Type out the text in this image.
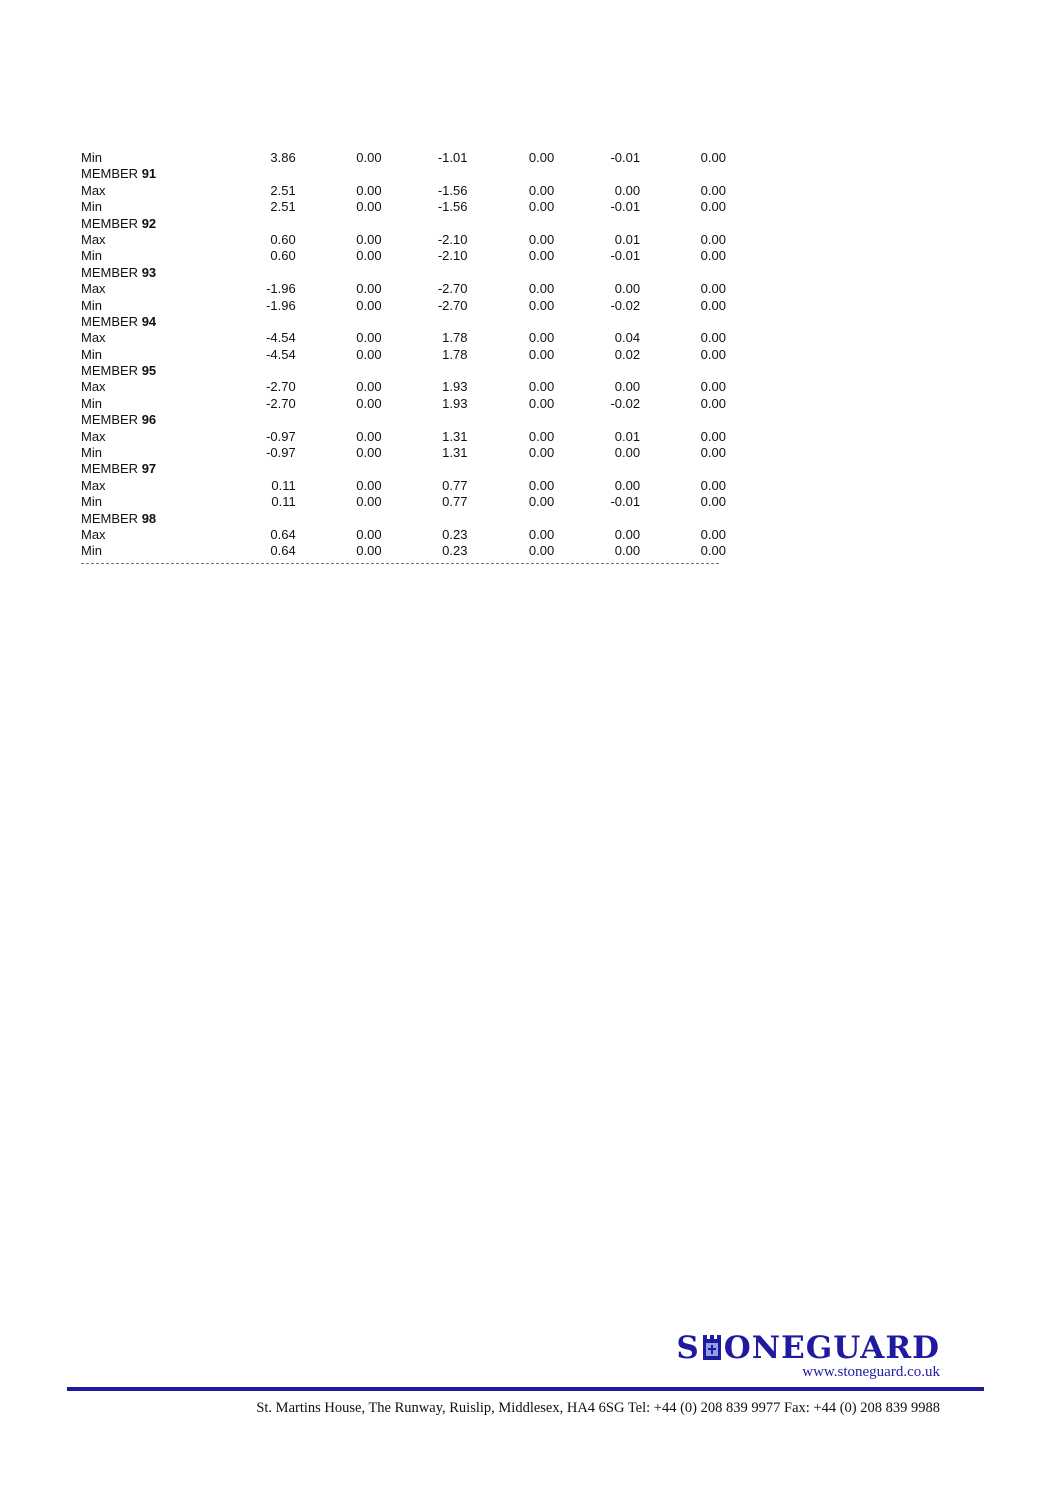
Min	3.86	0.00	-1.01	0.00	-0.01	0.00
MEMBER 91
Max	2.51	0.00	-1.56	0.00	0.00	0.00
Min	2.51	0.00	-1.56	0.00	-0.01	0.00
MEMBER 92
Max	0.60	0.00	-2.10	0.00	0.01	0.00
Min	0.60	0.00	-2.10	0.00	-0.01	0.00
MEMBER 93
Max	-1.96	0.00	-2.70	0.00	0.00	0.00
Min	-1.96	0.00	-2.70	0.00	-0.02	0.00
MEMBER 94
Max	-4.54	0.00	1.78	0.00	0.04	0.00
Min	-4.54	0.00	1.78	0.00	0.02	0.00
MEMBER 95
Max	-2.70	0.00	1.93	0.00	0.00	0.00
Min	-2.70	0.00	1.93	0.00	-0.02	0.00
MEMBER 96
Max	-0.97	0.00	1.31	0.00	0.01	0.00
Min	-0.97	0.00	1.31	0.00	0.00	0.00
MEMBER 97
Max	0.11	0.00	0.77	0.00	0.00	0.00
Min	0.11	0.00	0.77	0.00	-0.01	0.00
MEMBER 98
Max	0.64	0.00	0.23	0.00	0.00	0.00
Min	0.64	0.00	0.23	0.00	0.00	0.00
S ONEGUARD
www.stoneguard.co.uk
St. Martins House, The Runway, Ruislip, Middlesex, HA4 6SG Tel: +44 (0) 208 839 9977 Fax: +44 (0) 208 839 9988
